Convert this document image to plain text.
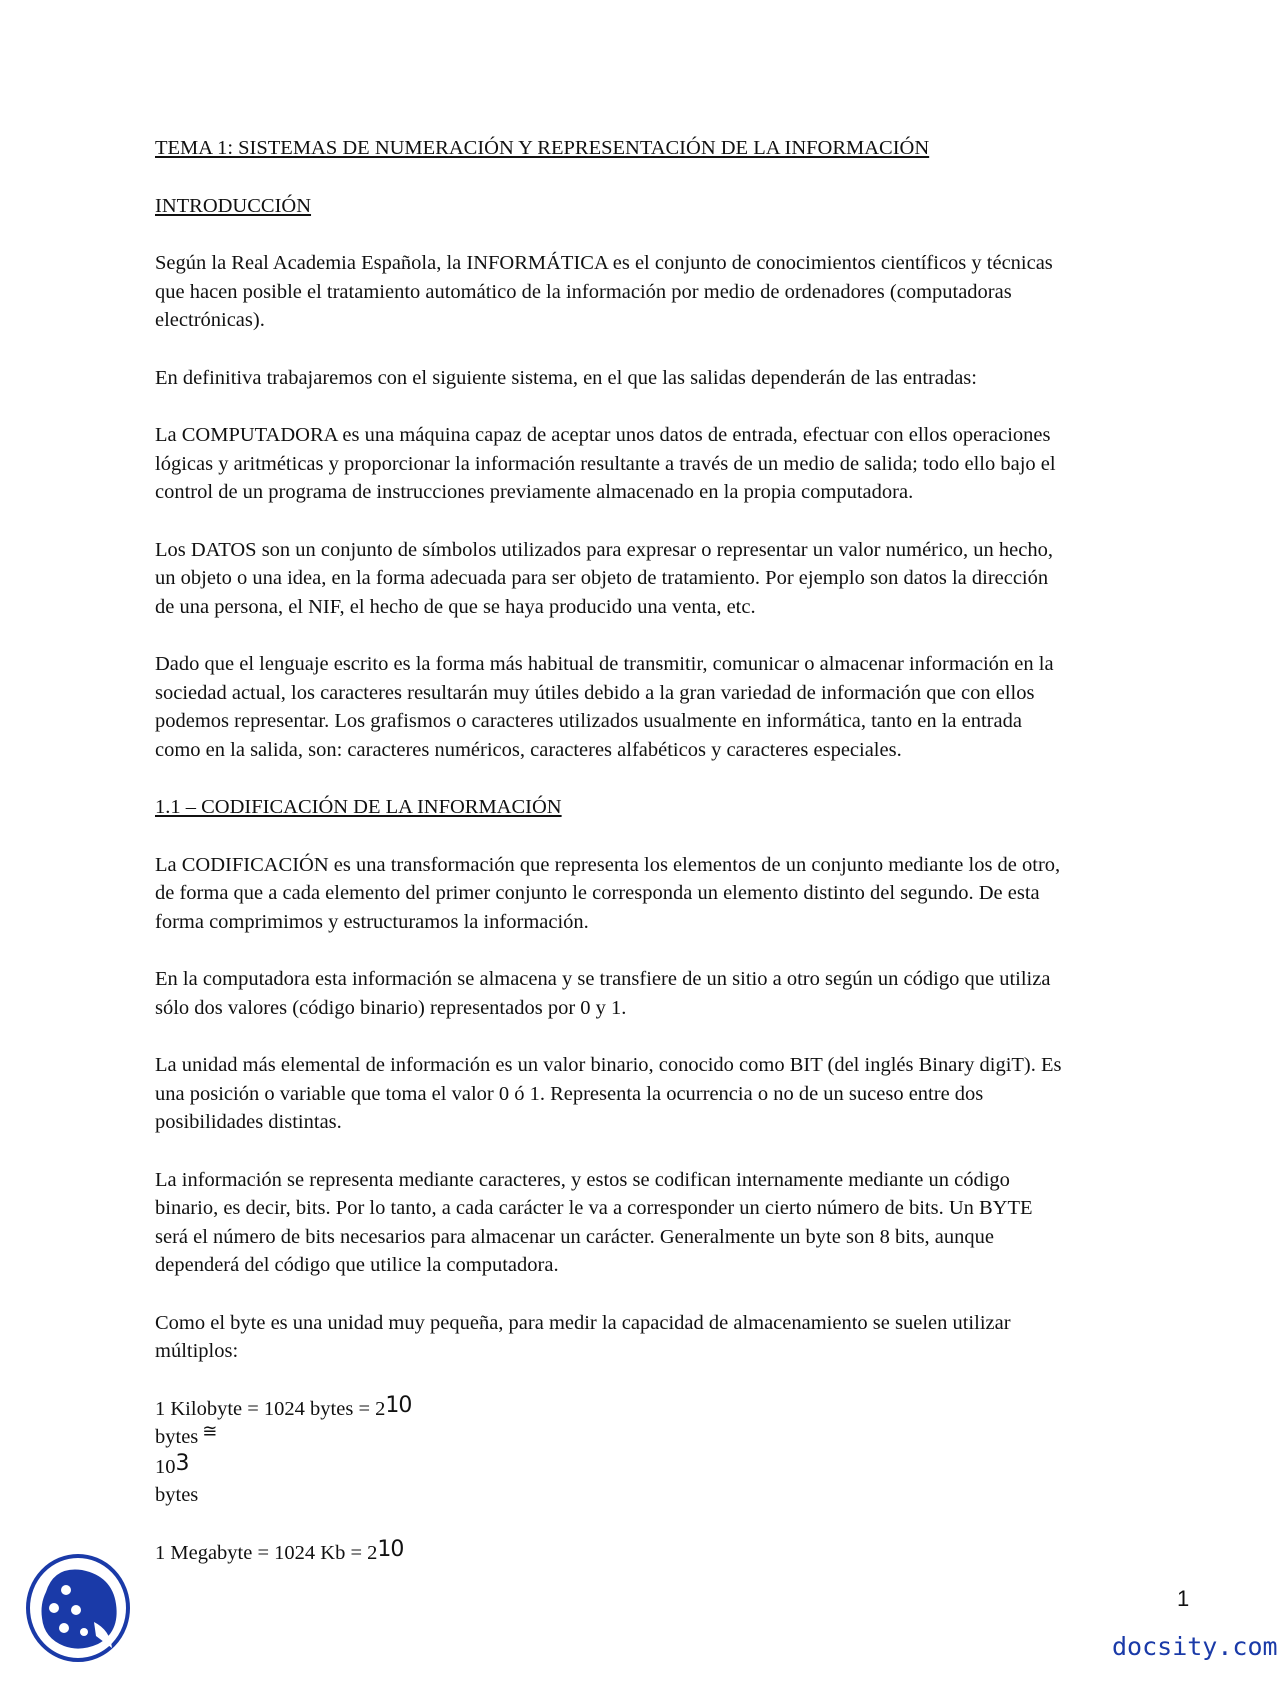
TEMA 1: SISTEMAS DE NUMERACIÓN Y REPRESENTACIÓN DE LA INFORMACIÓN
INTRODUCCIÓN
Según la Real Academia Española, la INFORMÁTICA es el conjunto de conocimientos científicos y técnicas
que hacen posible el tratamiento automático de la información por medio de ordenadores (computadoras
electrónicas).
En definitiva trabajaremos con el siguiente sistema, en el que las salidas dependerán de las entradas:
La COMPUTADORA es una máquina capaz de aceptar unos datos de entrada, efectuar con ellos operaciones
lógicas y aritméticas y proporcionar la información resultante a través de un medio de salida; todo ello bajo el
control de un programa de instrucciones previamente almacenado en la propia computadora.
Los DATOS son un conjunto de símbolos utilizados para expresar o representar un valor numérico, un hecho,
un objeto o una idea, en la forma adecuada para ser objeto de tratamiento. Por ejemplo son datos la dirección
de una persona, el NIF, el hecho de que se haya producido una venta, etc.
Dado que el lenguaje escrito es la forma más habitual de transmitir, comunicar o almacenar información en la
sociedad actual, los caracteres resultarán muy útiles debido a la gran variedad de información que con ellos
podemos representar. Los grafismos o caracteres utilizados usualmente en informática, tanto en la entrada
como en la salida, son: caracteres numéricos, caracteres alfabéticos y caracteres especiales.
1.1 – CODIFICACIÓN DE LA INFORMACIÓN
La CODIFICACIÓN es una transformación que representa los elementos de un conjunto mediante los de otro,
de forma que a cada elemento del primer conjunto le corresponda un elemento distinto del segundo. De esta
forma comprimimos y estructuramos la información.
En la computadora esta información se almacena y se transfiere de un sitio a otro según un código que utiliza
sólo dos valores (código binario) representados por 0 y 1.
La unidad más elemental de información es un valor binario, conocido como BIT (del inglés Binary digiT). Es
una posición o variable que toma el valor 0 ó 1. Representa la ocurrencia o no de un suceso entre dos
posibilidades distintas.
La información se representa mediante caracteres, y estos se codifican internamente mediante un código
binario, es decir, bits. Por lo tanto, a cada carácter le va a corresponder un cierto número de bits. Un BYTE
será el número de bits necesarios para almacenar un carácter. Generalmente un byte son 8 bits, aunque
dependerá del código que utilice la computadora.
Como el byte es una unidad muy pequeña, para medir la capacidad de almacenamiento se suelen utilizar
múltiplos:
1 Kilobyte = 1024 bytes = 210
bytes ≅
103
bytes
1 Megabyte = 1024 Kb = 210
1
docsity.com
